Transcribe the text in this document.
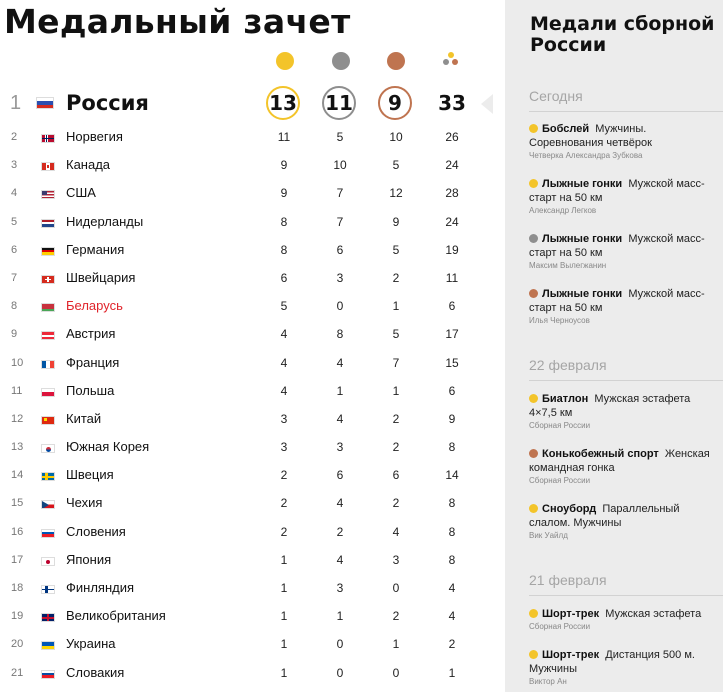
Медальный зачет
1 Россия	13 11	9	33
2	Норвегия	11	5	10	26
3	Канада	9	10	5	24
4	США	9	7	12	28
5	Нидерланды	8	7	9	24
6	Германия	8	6	5	19
7	Швейцария	6	3	2	11
8	Беларусь	5	0	1	6
9	Австрия	4	8	5	17
10	Франция	4	4	7	15
11	Польша	4	1	1	6
12	Китай	3	4	2	9
13	Южная Корея	3	3	2	8
14	Швеция	2	6	6	14
15	Чехия	2	4	2	8
16	Словения	2	2	4	8
17	Япония	1	4	3	8
18	Финляндия	1	3	0	4
19	Великобритания	1	1	2	4
20	Украина	1	0	1	2
21	Словакия	1	0	0	1
Медали сборной
России
Сегодня
Бобслей Мужчины. Соревнования четвёрок
Четверка Александра Зубкова
Лыжные гонки Мужской масс-старт на 50 км
Александр Легков
Лыжные гонки Мужской масс-старт на 50 км
Максим Вылегжанин
Лыжные гонки Мужской масс-старт на 50 км
Илья Черноусов
22 февраля
Биатлон Мужская эстафета 4×7,5 км
Сборная России
Конькобежный спорт Женская командная гонка
Сборная России
Сноуборд Параллельный слалом. Мужчины
Вик Уайлд
21 февраля
Шорт-трек Мужская эстафета
Сборная России
Шорт-трек Дистанция 500 м. Мужчины
Виктор Ан
